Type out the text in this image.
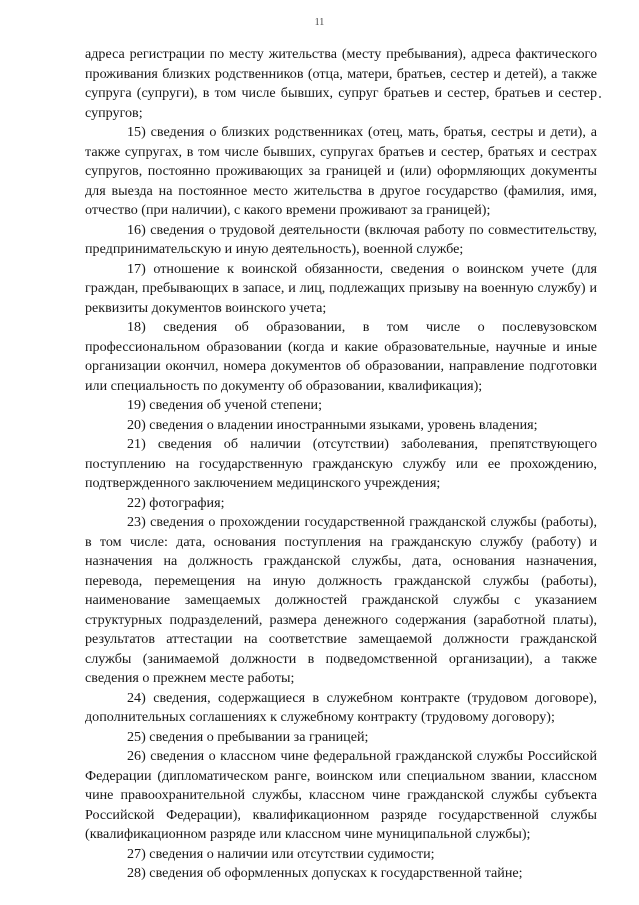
11

адреса регистрации по месту жительства (месту пребывания), адреса фактического проживания близких родственников (отца, матери, братьев, сестер и детей), а также супруга (супруги), в том числе бывших, супруг братьев и сестер, братьев и сестер супругов;

15) сведения о близких родственниках (отец, мать, братья, сестры и дети), а также супругах, в том числе бывших, супругах братьев и сестер, братьях и сестрах супругов, постоянно проживающих за границей и (или) оформляющих документы для выезда на постоянное место жительства в другое государство (фамилия, имя, отчество (при наличии), с какого времени проживают за границей);

16) сведения о трудовой деятельности (включая работу по совместительству, предпринимательскую и иную деятельность), военной службе;

17) отношение к воинской обязанности, сведения о воинском учете (для граждан, пребывающих в запасе, и лиц, подлежащих призыву на военную службу) и реквизиты документов воинского учета;

18) сведения об образовании, в том числе о послевузовском профессиональном образовании (когда и какие образовательные, научные и иные организации окончил, номера документов об образовании, направление подготовки или специальность по документу об образовании, квалификация);

19) сведения об ученой степени;

20) сведения о владении иностранными языками, уровень владения;

21) сведения об наличии (отсутствии) заболевания, препятствующего поступлению на государственную гражданскую службу или ее прохождению, подтвержденного заключением медицинского учреждения;

22) фотография;

23) сведения о прохождении государственной гражданской службы (работы), в том числе: дата, основания поступления на гражданскую службу (работу) и назначения на должность гражданской службы, дата, основания назначения, перевода, перемещения на иную должность гражданской службы (работы), наименование замещаемых должностей гражданской службы с указанием структурных подразделений, размера денежного содержания (заработной платы), результатов аттестации на соответствие замещаемой должности гражданской службы (занимаемой должности в подведомственной организации), а также сведения о прежнем месте работы;

24) сведения, содержащиеся в служебном контракте (трудовом договоре), дополнительных соглашениях к служебному контракту (трудовому договору);

25) сведения о пребывании за границей;

26) сведения о классном чине федеральной гражданской службы Российской Федерации (дипломатическом ранге, воинском или специальном звании, классном чине правоохранительной службы, классном чине гражданской службы субъекта Российской Федерации), квалификационном разряде государственной службы (квалификационном разряде или классном чине муниципальной службы);

27) сведения о наличии или отсутствии судимости;

28) сведения об оформленных допусках к государственной тайне;
